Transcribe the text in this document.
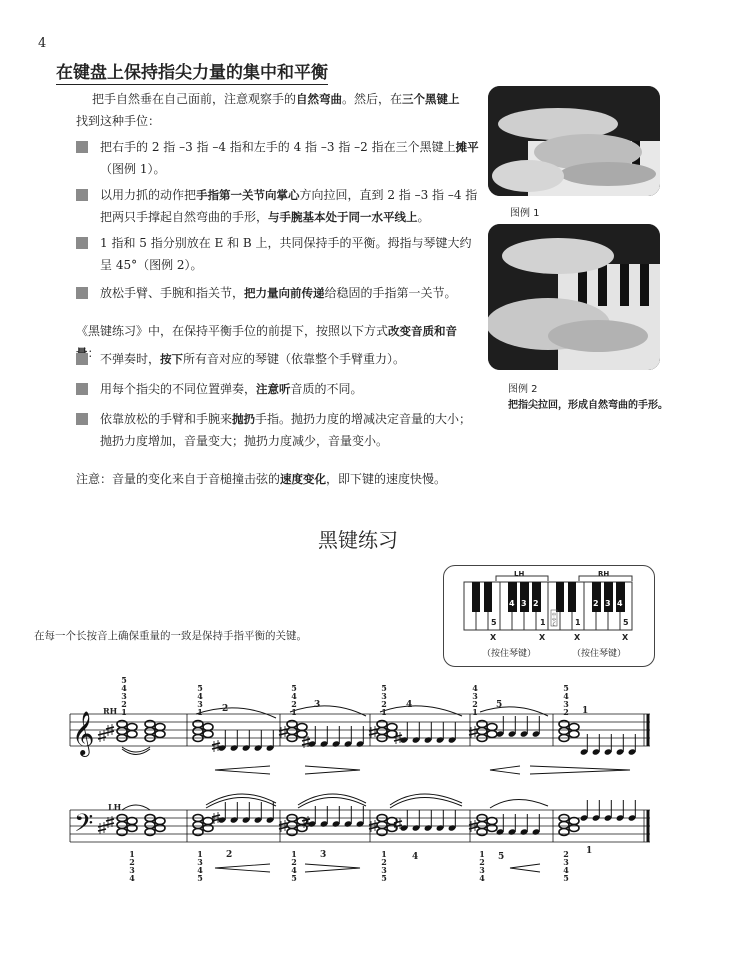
4
在键盘上保持指尖力量的集中和平衡
把手自然垂在自己面前，注意观察手的自然弯曲。然后，在三个黑键上找到这种手位：
把右手的 2 指 –3 指 –4 指和左手的 4 指 –3 指 –2 指在三个黑键上摊平（图例 1）。
以用力抓的动作把手指第一关节向掌心方向拉回，直到 2 指 –3 指 –4 指把两只手撑起自然弯曲的手形，与手腕基本处于同一水平线上。
1 指和 5 指分别放在 E 和 B 上，共同保持手的平衡。拇指与琴键大约呈 45°（图例 2）。
放松手臂、手腕和指关节，把力量向前传递给稳固的手指第一关节。
《黑键练习》中，在保持平衡手位的前提下，按照以下方式改变音质和音 ： 不弹奏时，按下所有音对应的琴键（依靠整个手臂重力）。
用每个指尖的不同位置弹奏，注意听音质的不同。
依靠放松的手臂和手腕来抛扔手指。抛扔力度的增减决定音量的大小；抛扔力度增加，音量变大；抛扔力度减少，音量变小。
注意：音量的变化来自于音槌撞击弦的速度变化，即下键的速度快慢。
图例 1
图例 2
把指尖拉回，形成自然弯曲的手形。
黑键练习
在每一个长按音上确保重量的一致是保持手指平衡的关键。
LH	RH
中央C
4 3 2	2 3 4
5	1	1	5
X	X	X	X
（按住琴键）	（按住琴键）
𝄞
𝄢
RH
LH
5
4
3
2
1
5
4
3
1
5
4
2
1
5
3
2
1
4
3
2
1
5
4
3
2
2	3	4	5
1
1
2
3
4
1
3
4
5
1
2
4
5
1
2
3
5
1
2
3
4
2
3
4
5
2	3	4	5
1
